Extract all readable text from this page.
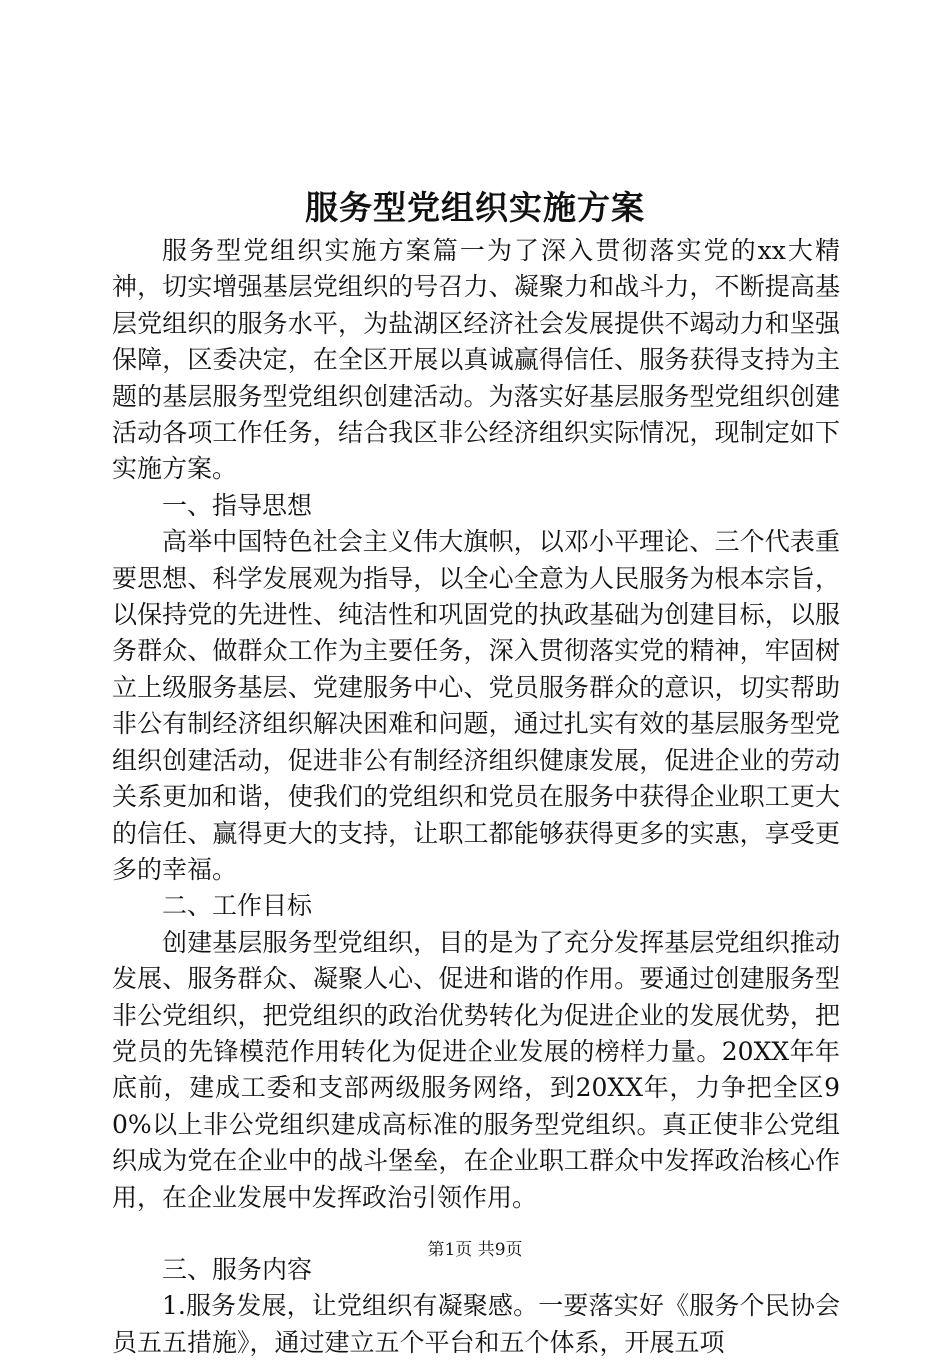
服务型党组织实施方案

服务型党组织实施方案篇一为了深入贯彻落实党的xx大精神，切实增强基层党组织的号召力、凝聚力和战斗力，不断提高基层党组织的服务水平，为盐湖区经济社会发展提供不竭动力和坚强保障，区委决定，在全区开展以真诚赢得信任、服务获得支持为主题的基层服务型党组织创建活动。为落实好基层服务型党组织创建活动各项工作任务，结合我区非公经济组织实际情况，现制定如下实施方案。

一、指导思想

高举中国特色社会主义伟大旗帜，以邓小平理论、三个代表重要思想、科学发展观为指导，以全心全意为人民服务为根本宗旨，以保持党的先进性、纯洁性和巩固党的执政基础为创建目标，以服务群众、做群众工作为主要任务，深入贯彻落实党的精神，牢固树立上级服务基层、党建服务中心、党员服务群众的意识，切实帮助非公有制经济组织解决困难和问题，通过扎实有效的基层服务型党组织创建活动，促进非公有制经济组织健康发展，促进企业的劳动关系更加和谐，使我们的党组织和党员在服务中获得企业职工更大的信任、赢得更大的支持，让职工都能够获得更多的实惠，享受更多的幸福。

二、工作目标

创建基层服务型党组织，目的是为了充分发挥基层党组织推动发展、服务群众、凝聚人心、促进和谐的作用。要通过创建服务型非公党组织，把党组织的政治优势转化为促进企业的发展优势，把党员的先锋模范作用转化为促进企业发展的榜样力量。20XX年年底前，建成工委和支部两级服务网络，到20XX年，力争把全区90%以上非公党组织建成高标准的服务型党组织。真正使非公党组织成为党在企业中的战斗堡垒，在企业职工群众中发挥政治核心作用，在企业发展中发挥政治引领作用。

三、服务内容

1.服务发展，让党组织有凝聚感。一要落实好《服务个民协会员五五措施》，通过建立五个平台和五个体系，开展五项

第1页 共9页
